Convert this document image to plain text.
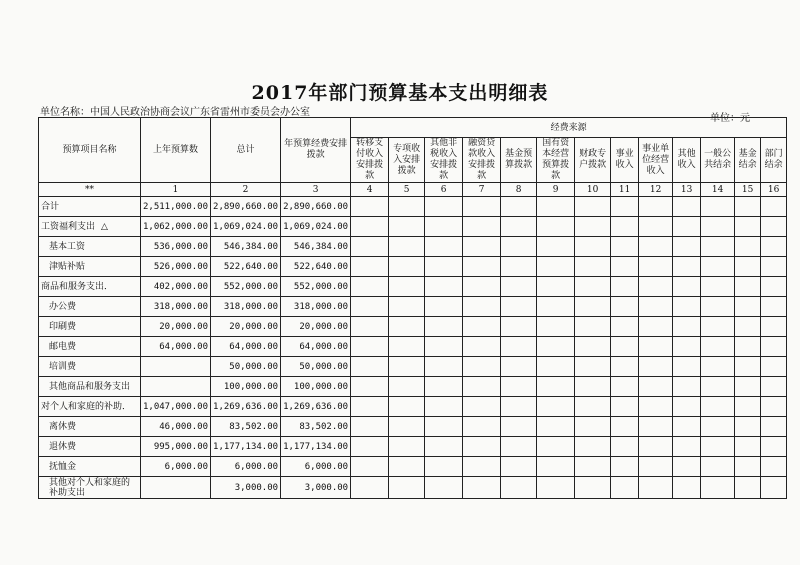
2017年部门预算基本支出明细表
单位名称：中国人民政治协商会议广东省雷州市委员会办公室
单位：元
预算项目名称	上年预算数	总计	年预算经费安排拨款	经费来源												
				转移支付收入安排拨款	专项收入安排拨款	其他非税收入安排拨款	融资贷款收入安排拨款	基金预算拨款	国有资本经营预算拨款	财政专户拨款	事业收入	事业单位经营收入	其他收入	一般公共结余	基金结余	部门结余
**	1	2	3	4	5	6	7	8	9	10	11	12	13	14	15	16
合计	2,511,000.00	2,890,660.00	2,890,660.00													
工资福利支出 △	1,062,000.00	1,069,024.00	1,069,024.00													
基本工资	536,000.00	546,384.00	546,384.00													
津贴补贴	526,000.00	522,640.00	522,640.00													
商品和服务支出．	402,000.00	552,000.00	552,000.00													
办公费	318,000.00	318,000.00	318,000.00													
印刷费	20,000.00	20,000.00	20,000.00													
邮电费	64,000.00	64,000.00	64,000.00													
培训费		50,000.00	50,000.00													
其他商品和服务支出		100,000.00	100,000.00													
对个人和家庭的补助．	1,047,000.00	1,269,636.00	1,269,636.00													
离休费	46,000.00	83,502.00	83,502.00													
退休费	995,000.00	1,177,134.00	1,177,134.00													
抚恤金	6,000.00	6,000.00	6,000.00													
其他对个人和家庭的补助支出		3,000.00	3,000.00													
